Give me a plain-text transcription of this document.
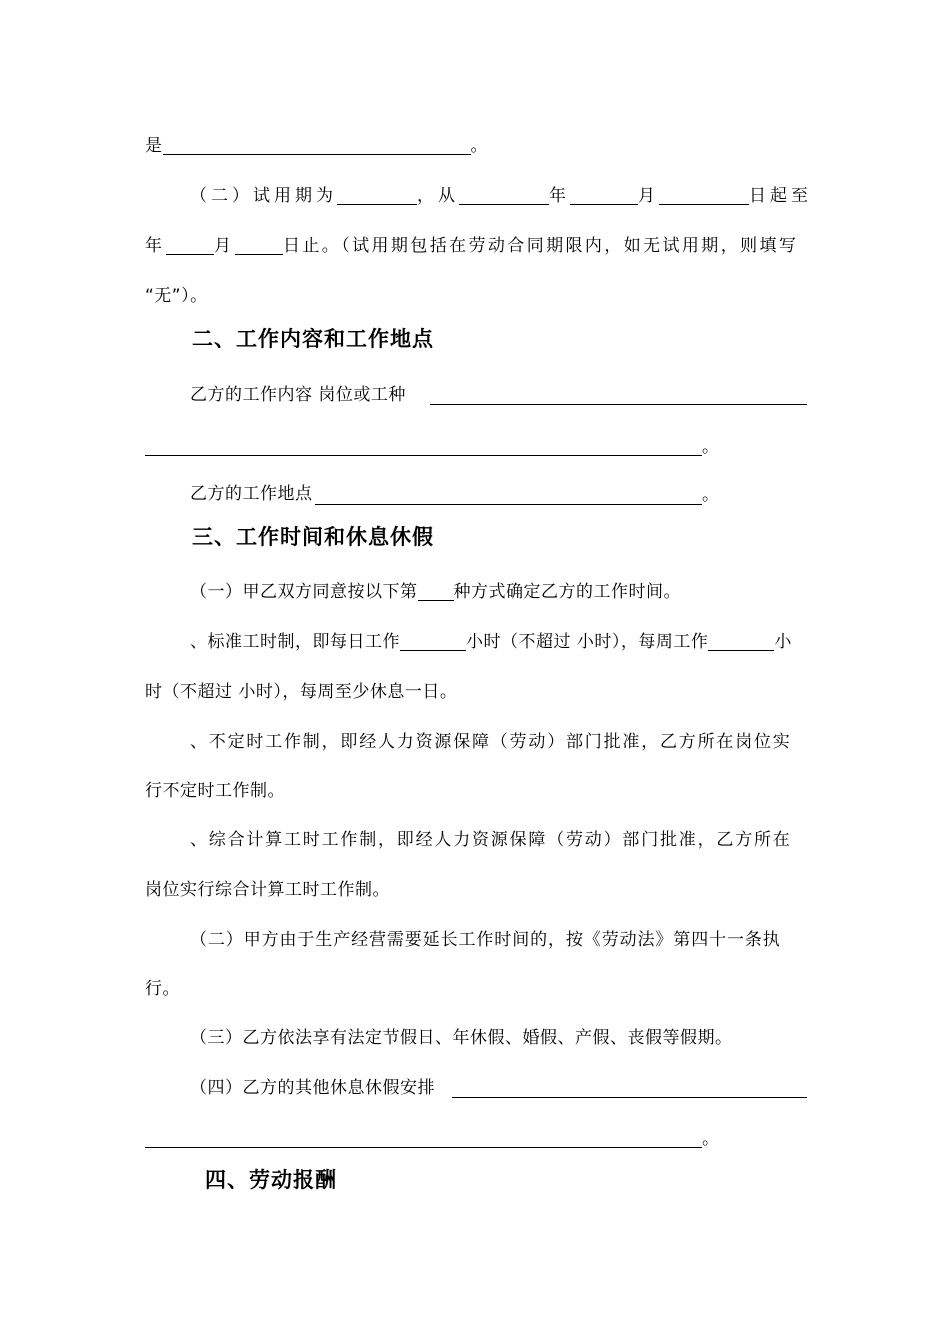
是	。
（二）试用期为	，从	年	月	日起至
年	月	日止。（试用期包括在劳动合同期限内，如无试用期，则填写
“无”）。
二、工作内容和工作地点
乙方的工作内容 岗位或工种
。
乙方的工作地点	。
三、工作时间和休息休假
（一）甲乙双方同意按以下第 种方式确定乙方的工作时间。
、标准工时制，即每日工作	小时（不超过 小时），每周工作	小
时（不超过 小时），每周至少休息一日。
、不定时工作制，即经人力资源保障（劳动）部门批准，乙方所在岗位实
行不定时工作制。
、综合计算工时工作制，即经人力资源保障（劳动）部门批准，乙方所在
岗位实行综合计算工时工作制。
（二）甲方由于生产经营需要延长工作时间的，按《劳动法》第四十一条执
行。
（三）乙方依法享有法定节假日、年休假、婚假、产假、丧假等假期。
（四）乙方的其他休息休假安排
。
四、劳动报酬
